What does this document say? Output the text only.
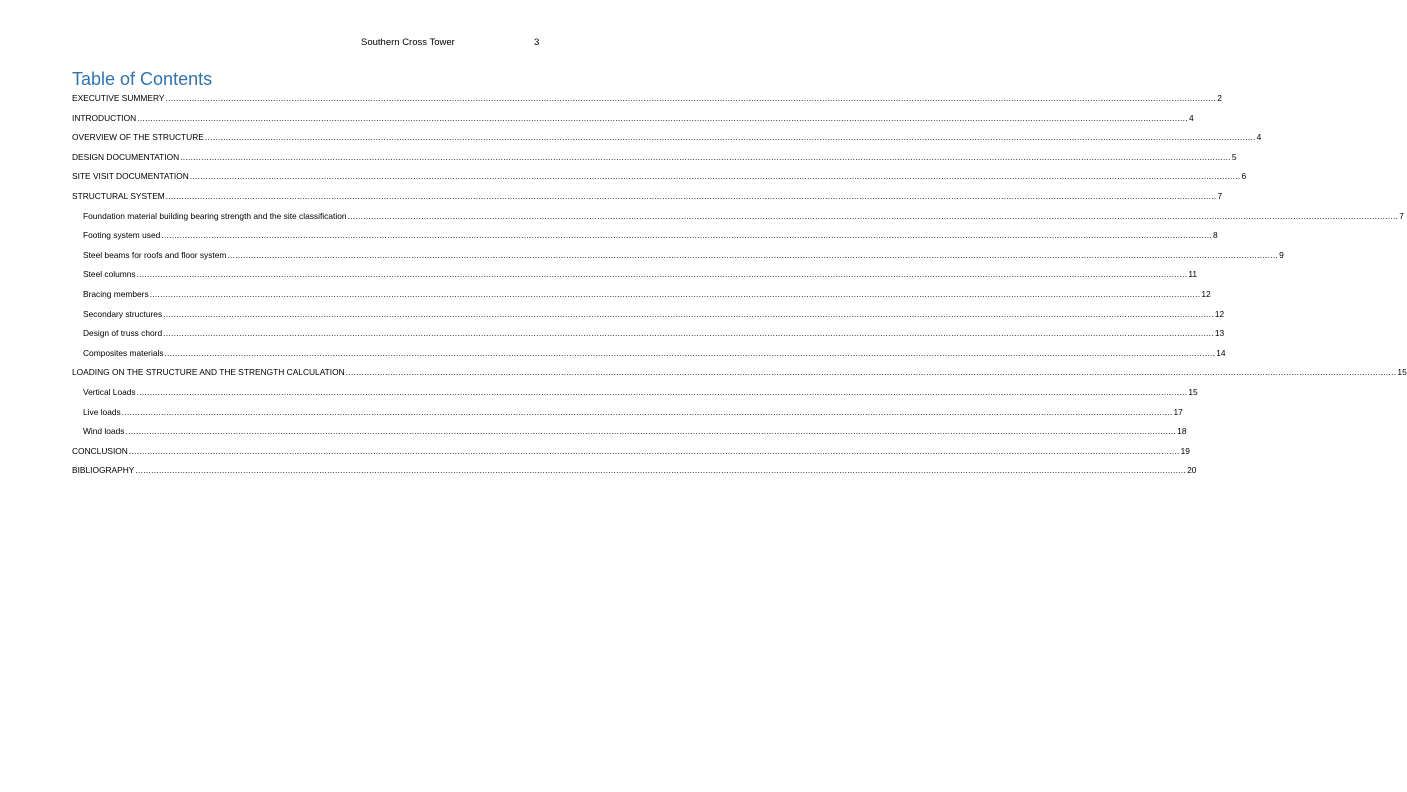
Southern Cross Tower	3
Table of Contents
EXECUTIVE SUMMERY ................................................................................................................................................................................................................................................................................................................................................................................................................ 2
INTRODUCTION ................................................................................................................................................................................................................................................................................................................................................................................................................ 4
OVERVIEW OF THE STRUCTURE ................................................................................................................................................................................................................................................................................................................................................................................................................ 4
DESIGN DOCUMENTATION ................................................................................................................................................................................................................................................................................................................................................................................................................ 5
SITE VISIT DOCUMENTATION ................................................................................................................................................................................................................................................................................................................................................................................................................ 6
STRUCTURAL SYSTEM ................................................................................................................................................................................................................................................................................................................................................................................................................ 7
Foundation material building bearing strength and the site classification ................................................................................................................................................................................................................................................................................................................................................................................................................ 7
Footing system used ................................................................................................................................................................................................................................................................................................................................................................................................................ 8
Steel beams for roofs and floor system ................................................................................................................................................................................................................................................................................................................................................................................................................ 9
Steel columns ................................................................................................................................................................................................................................................................................................................................................................................................................ 11
Bracing members ................................................................................................................................................................................................................................................................................................................................................................................................................ 12
Secondary structures ................................................................................................................................................................................................................................................................................................................................................................................................................ 12
Design of truss chord ................................................................................................................................................................................................................................................................................................................................................................................................................ 13
Composites materials ................................................................................................................................................................................................................................................................................................................................................................................................................ 14
LOADING ON THE STRUCTURE AND THE STRENGTH CALCULATION ................................................................................................................................................................................................................................................................................................................................................................................................................ 15
Vertical Loads ................................................................................................................................................................................................................................................................................................................................................................................................................ 15
Live loads ................................................................................................................................................................................................................................................................................................................................................................................................................ 17
Wind loads ................................................................................................................................................................................................................................................................................................................................................................................................................ 18
CONCLUSION ................................................................................................................................................................................................................................................................................................................................................................................................................ 19
BIBLIOGRAPHY ................................................................................................................................................................................................................................................................................................................................................................................................................ 20
